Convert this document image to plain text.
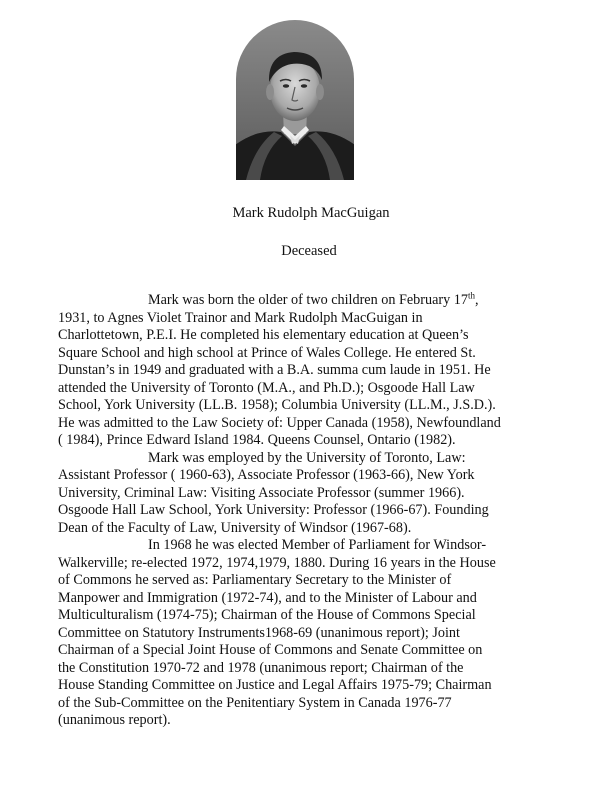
Mark Rudolph MacGuigan
Deceased
Mark was born the older of two children on February 17th,
1931, to Agnes Violet Trainor and Mark Rudolph MacGuigan in
Charlottetown, P.E.I. He completed his elementary education at Queen’s
Square School and high school at Prince of Wales College. He entered St.
Dunstan’s in 1949 and graduated with a B.A. summa cum laude in 1951. He
attended the University of Toronto (M.A., and Ph.D.); Osgoode Hall Law
School, York University (LL.B. 1958); Columbia University (LL.M., J.S.D.).
He was admitted to the Law Society of: Upper Canada (1958), Newfoundland
( 1984), Prince Edward Island 1984. Queens Counsel, Ontario (1982).
Mark was employed by the University of Toronto, Law:
Assistant Professor ( 1960-63), Associate Professor (1963-66), New York
University, Criminal Law: Visiting Associate Professor (summer 1966).
Osgoode Hall Law School, York University: Professor (1966-67). Founding
Dean of the Faculty of Law, University of Windsor (1967-68).
In 1968 he was elected Member of Parliament for Windsor-
Walkerville; re-elected 1972, 1974,1979, 1880. During 16 years in the House
of Commons he served as: Parliamentary Secretary to the Minister of
Manpower and Immigration (1972-74), and to the Minister of Labour and
Multiculturalism (1974-75); Chairman of the House of Commons Special
Committee on Statutory Instruments1968-69 (unanimous report); Joint
Chairman of a Special Joint House of Commons and Senate Committee on
the Constitution 1970-72 and 1978 (unanimous report; Chairman of the
House Standing Committee on Justice and Legal Affairs 1975-79; Chairman
of the Sub-Committee on the Penitentiary System in Canada 1976-77
(unanimous report).
